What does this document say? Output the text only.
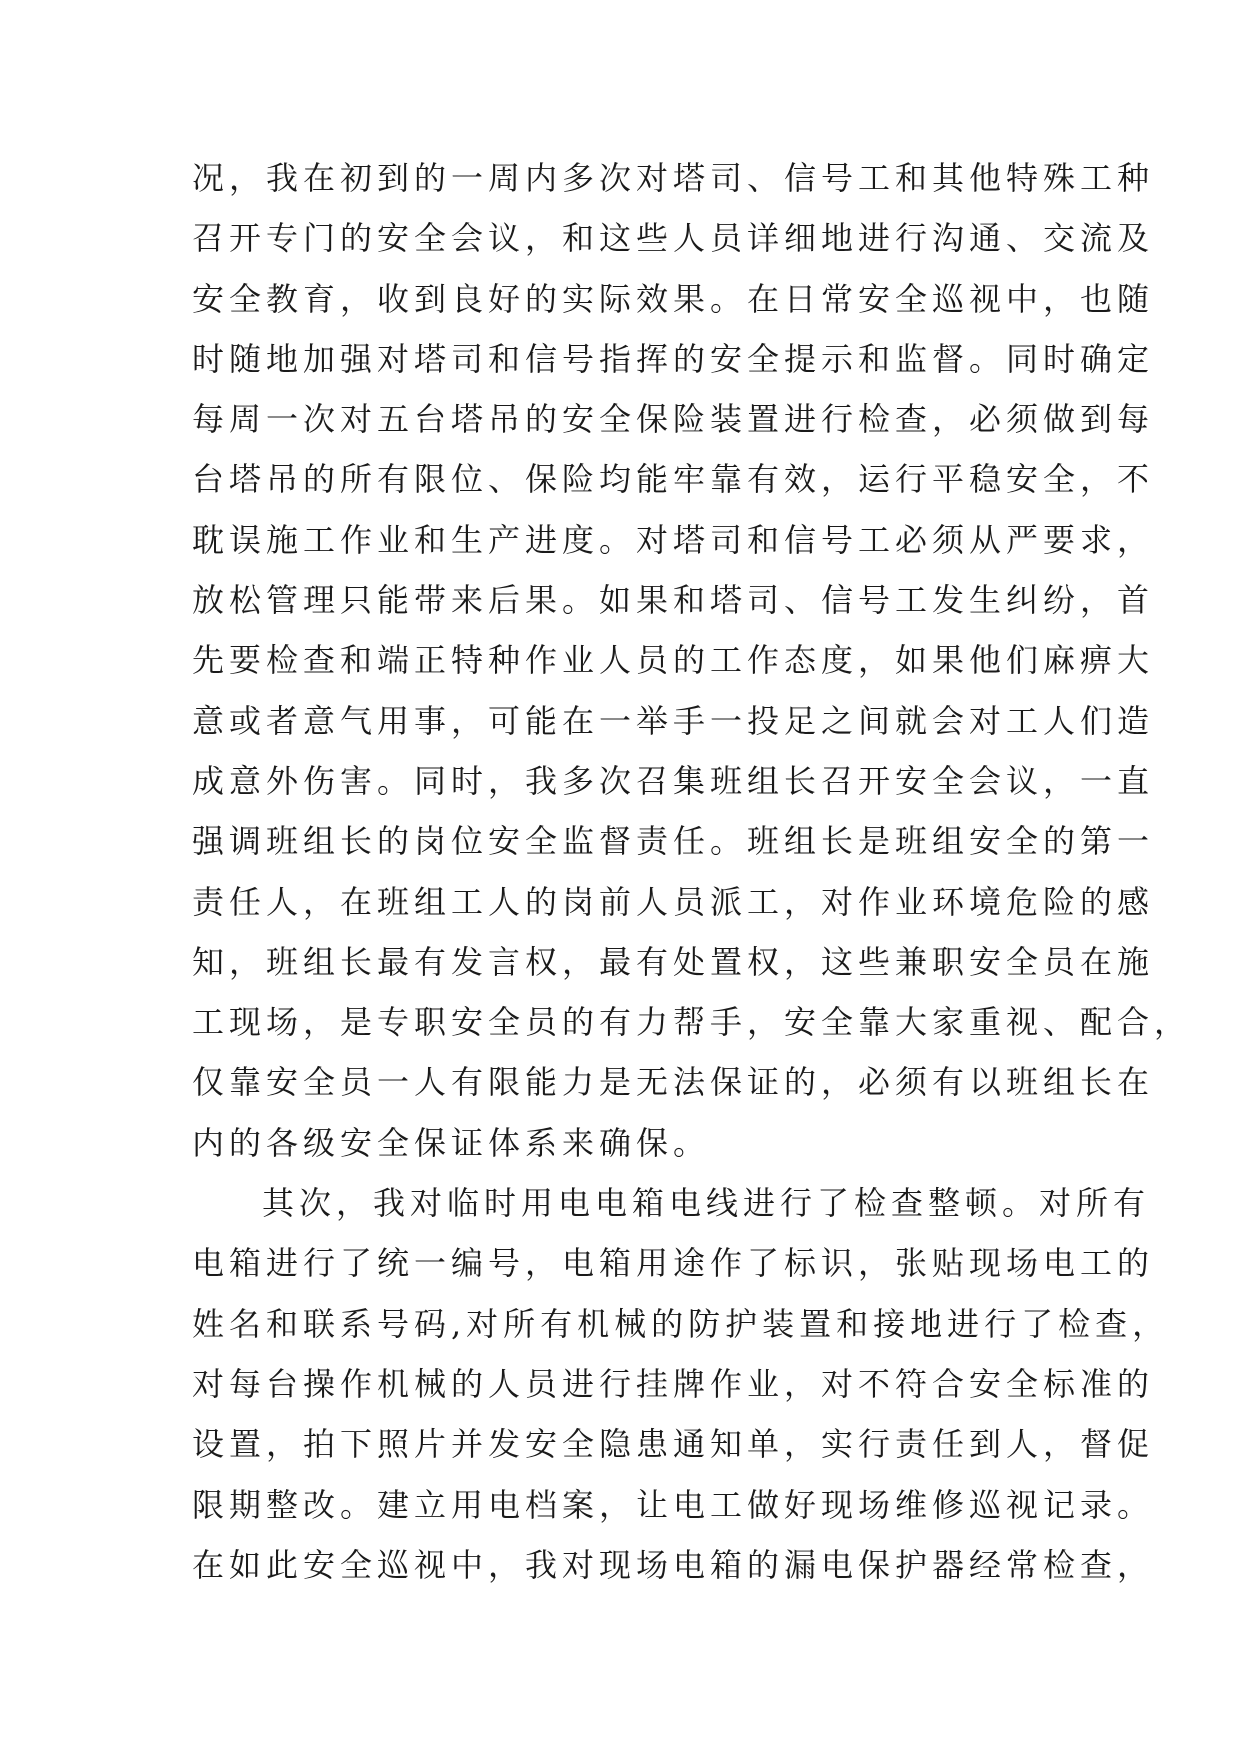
况，我在初到的一周内多次对塔司、信号工和其他特殊工种
召开专门的安全会议，和这些人员详细地进行沟通、交流及
安全教育，收到良好的实际效果。在日常安全巡视中，也随
时随地加强对塔司和信号指挥的安全提示和监督。同时确定
每周一次对五台塔吊的安全保险装置进行检查，必须做到每
台塔吊的所有限位、保险均能牢靠有效，运行平稳安全，不
耽误施工作业和生产进度。对塔司和信号工必须从严要求，
放松管理只能带来后果。如果和塔司、信号工发生纠纷，首
先要检查和端正特种作业人员的工作态度，如果他们麻痹大
意或者意气用事，可能在一举手一投足之间就会对工人们造
成意外伤害。同时，我多次召集班组长召开安全会议，一直
强调班组长的岗位安全监督责任。班组长是班组安全的第一
责任人，在班组工人的岗前人员派工，对作业环境危险的感
知，班组长最有发言权，最有处置权，这些兼职安全员在施
工现场，是专职安全员的有力帮手，安全靠大家重视、配合，
仅靠安全员一人有限能力是无法保证的，必须有以班组长在
内的各级安全保证体系来确保。
其次，我对临时用电电箱电线进行了检查整顿。对所有
电箱进行了统一编号，电箱用途作了标识，张贴现场电工的
姓名和联系号码,对所有机械的防护装置和接地进行了检查，
对每台操作机械的人员进行挂牌作业，对不符合安全标准的
设置，拍下照片并发安全隐患通知单，实行责任到人，督促
限期整改。建立用电档案，让电工做好现场维修巡视记录。
在如此安全巡视中，我对现场电箱的漏电保护器经常检查，
